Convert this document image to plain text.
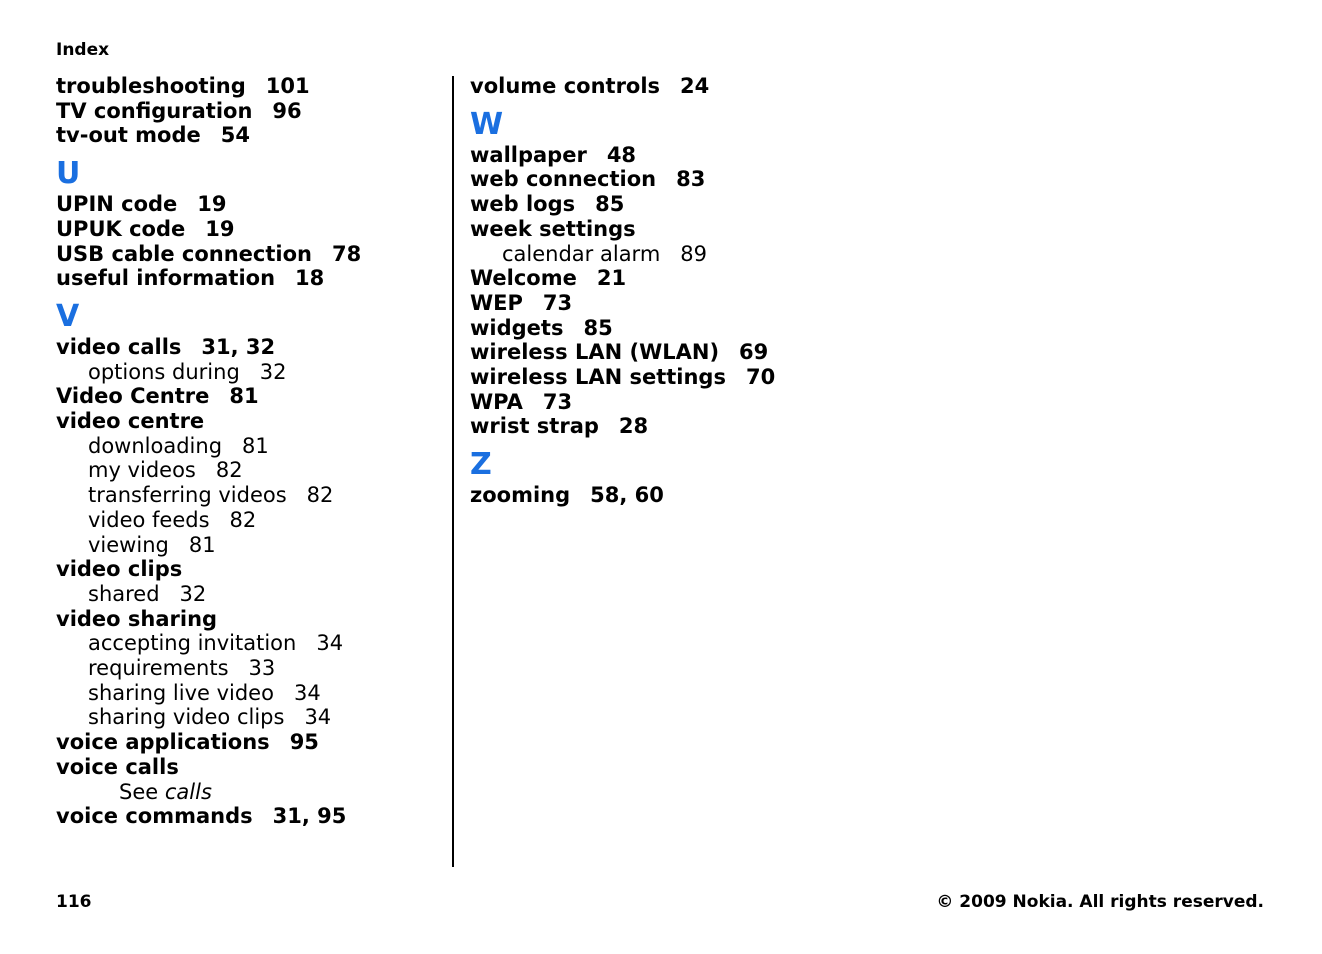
Index
troubleshooting 101
TV configuration 96
tv-out mode 54
U
UPIN code 19
UPUK code 19
USB cable connection 78
useful information 18
V
video calls 31, 32
options during 32
Video Centre 81
video centre
downloading 81
my videos 82
transferring videos 82
video feeds 82
viewing 81
video clips
shared 32
video sharing
accepting invitation 34
requirements 33
sharing live video 34
sharing video clips 34
voice applications 95
voice calls
See calls
voice commands 31, 95
volume controls 24
W
wallpaper 48
web connection 83
web logs 85
week settings
calendar alarm 89
Welcome 21
WEP 73
widgets 85
wireless LAN (WLAN) 69
wireless LAN settings 70
WPA 73
wrist strap 28
Z
zooming 58, 60
116	© 2009 Nokia. All rights reserved.
